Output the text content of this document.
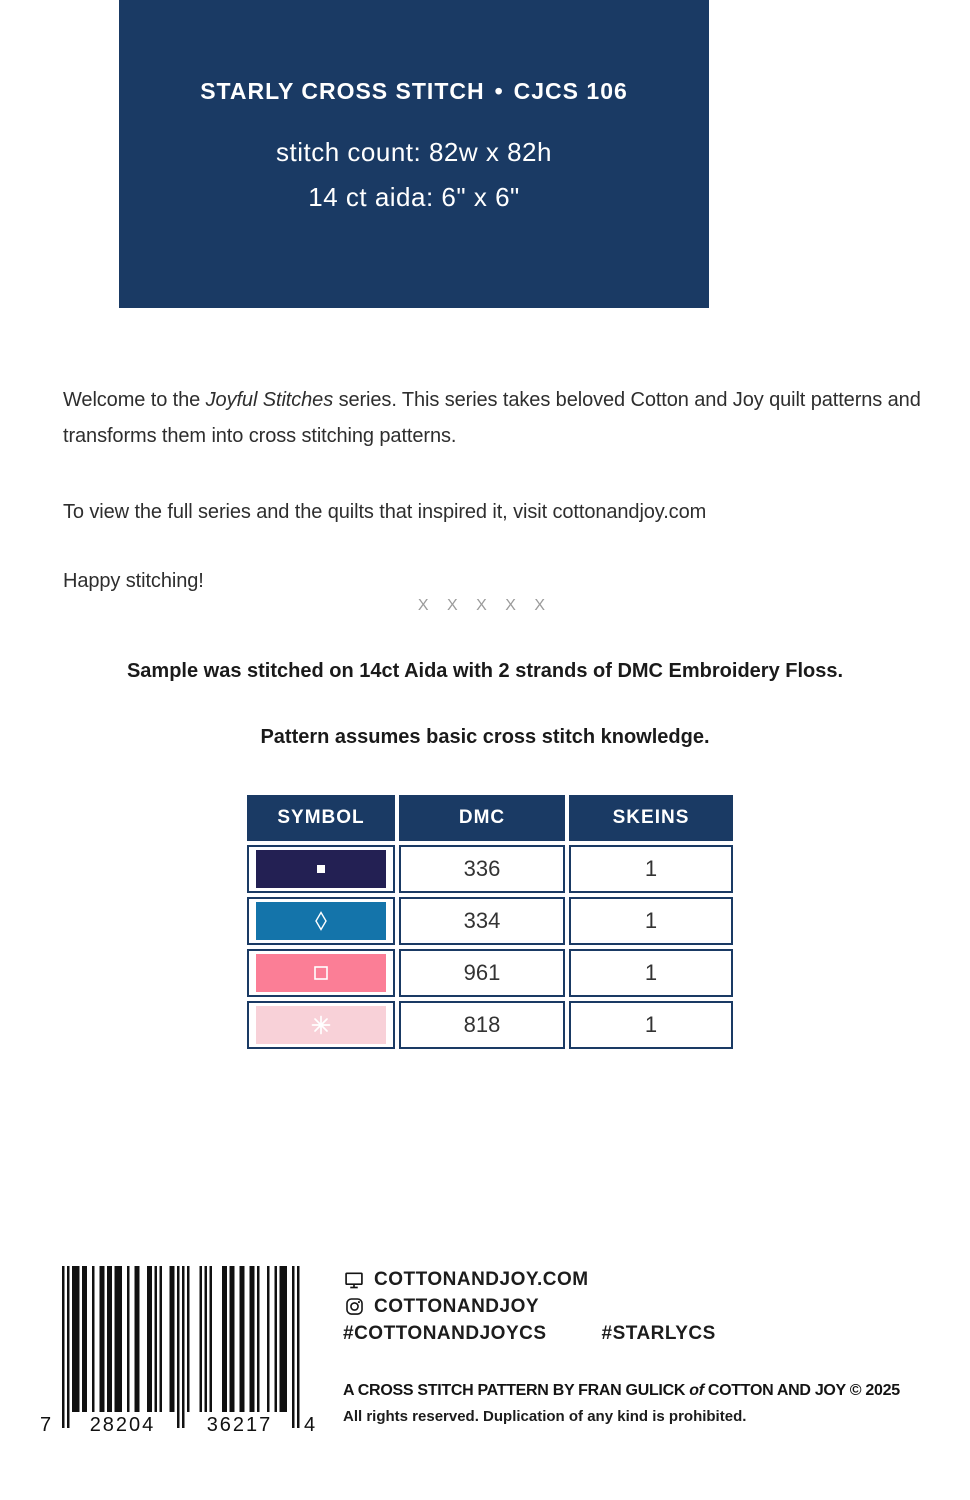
STARLY CROSS STITCH • CJCS 106
stitch count: 82w x 82h
14 ct aida: 6" x 6"

Welcome to the Joyful Stitches series. This series takes beloved Cotton and Joy quilt patterns and transforms them into cross stitching patterns.

To view the full series and the quilts that inspired it, visit cottonandjoy.com

Happy stitching!

X X X X X
Sample was stitched on 14ct Aida with 2 strands of DMC Embroidery Floss.
Pattern assumes basic cross stitch knowledge.
SYMBOL	DMC	SKEINS

	336	1

	334	1

	961	1

	818	1
7	28204	36217	4
COTTONANDJOY.COM
COTTONANDJOY
#COTTONANDJOYCS	#STARLYCS
A CROSS STITCH PATTERN BY FRAN GULICK of COTTON AND JOY © 2025
All rights reserved. Duplication of any kind is prohibited.
